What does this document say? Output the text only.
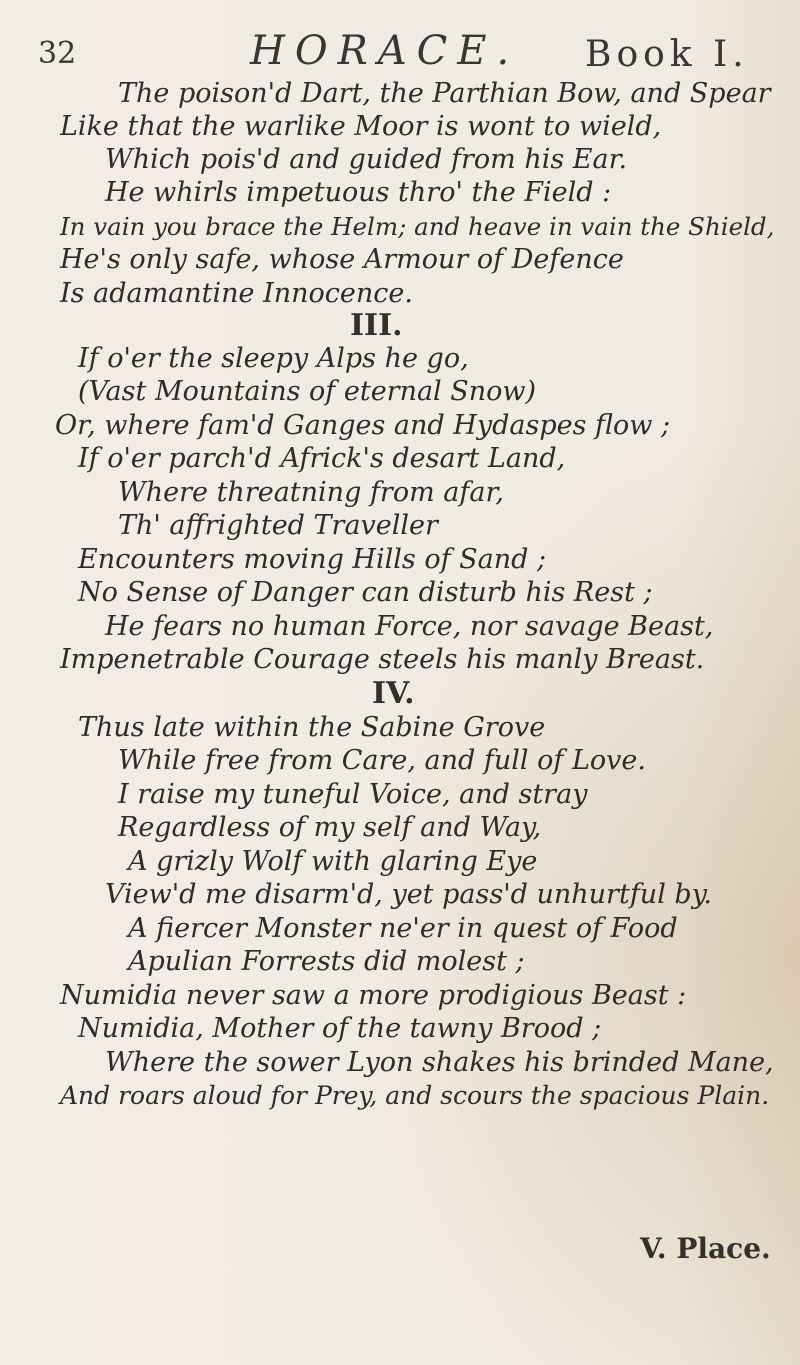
32	HORACE. Book I.
The poison'd Dart, the Parthian Bow, and Spear
Like that the warlike Moor is wont to wield,
Which pois'd and guided from his Ear.
He whirls impetuous thro' the Field :
In vain you brace the Helm; and heave in vain the Shield,
He's only safe, whose Armour of Defence
Is adamantine Innocence.
III.
If o'er the sleepy Alps he go,
(Vast Mountains of eternal Snow)
Or, where fam'd Ganges and Hydaspes flow ;
If o'er parch'd Africk's desart Land,
Where threatning from afar,
Th' affrighted Traveller
Encounters moving Hills of Sand ;
No Sense of Danger can disturb his Rest ;
He fears no human Force, nor savage Beast,
Impenetrable Courage steels his manly Breast.
IV.
Thus late within the Sabine Grove
While free from Care, and full of Love.
I raise my tuneful Voice, and stray
Regardless of my self and Way,
A grizly Wolf with glaring Eye
View'd me disarm'd, yet pass'd unhurtful by.
A fiercer Monster ne'er in quest of Food
Apulian Forrests did molest ;
Numidia never saw a more prodigious Beast :
Numidia, Mother of the tawny Brood ;
Where the sower Lyon shakes his brinded Mane,
And roars aloud for Prey, and scours the spacious Plain.
V. Place.
